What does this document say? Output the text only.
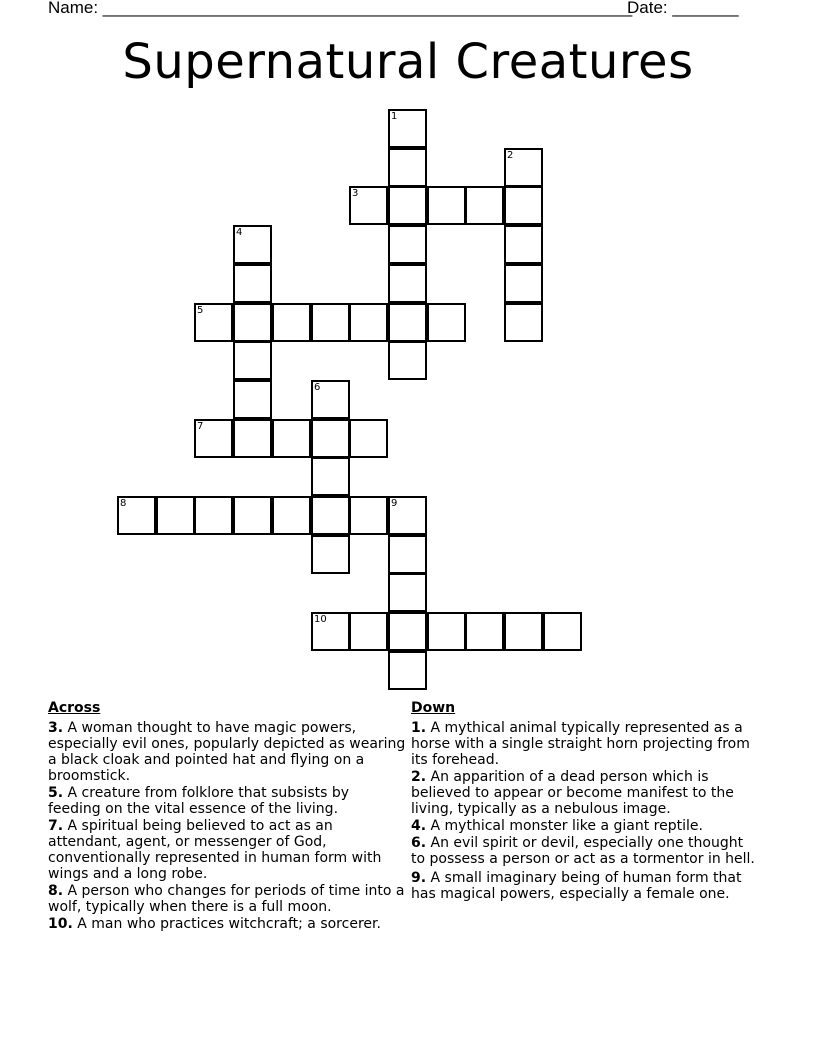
Name: ________________________________________________________
Date: _______
Supernatural Creatures
1
2
3
4
5
6
7
8	9
10
Across
3. A woman thought to have magic powers, especially evil ones, popularly depicted as wearing a black cloak and pointed hat and flying on a broomstick.
5. A creature from folklore that subsists by feeding on the vital essence of the living.
7. A spiritual being believed to act as an attendant, agent, or messenger of God, conventionally represented in human form with wings and a long robe.
8. A person who changes for periods of time into a wolf, typically when there is a full moon.
10. A man who practices witchcraft; a sorcerer.
Down
1. A mythical animal typically represented as a horse with a single straight horn projecting from its forehead.
2. An apparition of a dead person which is believed to appear or become manifest to the living, typically as a nebulous image.
4. A mythical monster like a giant reptile.
6. An evil spirit or devil, especially one thought to possess a person or act as a tormentor in hell.
9. A small imaginary being of human form that has magical powers, especially a female one.
